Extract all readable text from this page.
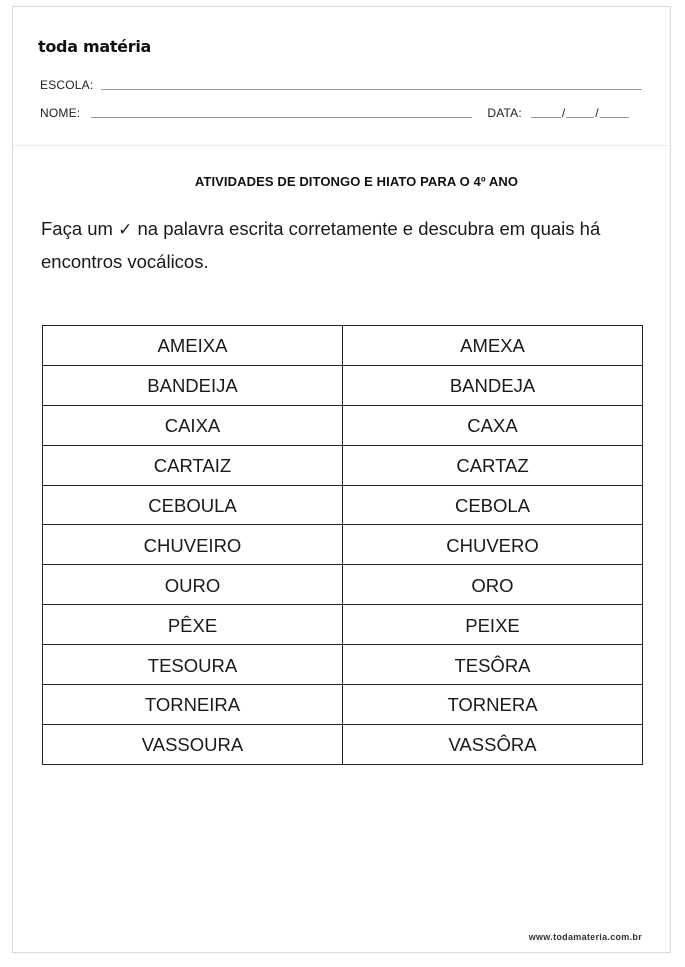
toda matéria
ESCOLA:
NOME:	DATA:	/	/
ATIVIDADES DE DITONGO E HIATO PARA O 4º ANO

Faça um ✓ na palavra escrita corretamente e descubra em quais há encontros vocálicos.

AMEIXA	AMEXA
BANDEIJA	BANDEJA
CAIXA	CAXA
CARTAIZ	CARTAZ
CEBOULA	CEBOLA
CHUVEIRO	CHUVERO
OURO	ORO
PÊXE	PEIXE
TESOURA	TESÔRA
TORNEIRA	TORNERA
VASSOURA	VASSÔRA
www.todamateria.com.br
